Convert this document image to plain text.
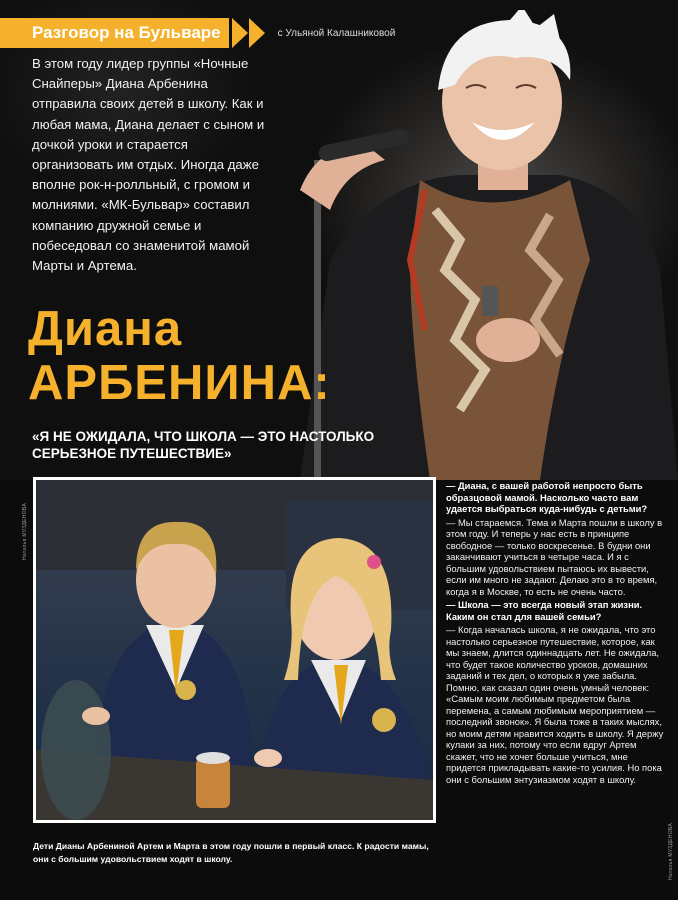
Разговор на Бульваре	с Ульяной Калашниковой

В этом году лидер группы «Ночные Снайперы» Диана Арбенина отправила своих детей в школу. Как и любая мама, Диана делает с сыном и дочкой уроки и старается организовать им отдых. Иногда даже вполне рок-н-ролльный, с громом и молниями. «МК-Бульвар» составил компанию дружной семье и побеседовал со знаменитой мамой Марты и Артема.

Диана
АРБЕНИНА:

«Я НЕ ОЖИДАЛА, ЧТО ШКОЛА — ЭТО НАСТОЛЬКО СЕРЬЕЗНОЕ ПУТЕШЕСТВИЕ»

Наталья МУЗДЕНОВА
Наталья МУЗДЕНОВА

Дети Дианы Арбениной Артем и Марта в этом году пошли в первый класс. К радости мамы, они с большим удовольствием ходят в школу.

— Диана, с вашей работой непросто быть образцовой мамой. Насколько часто вам удается выбраться куда-нибудь с детьми?

— Мы стараемся. Тема и Марта пошли в школу в этом году. И теперь у нас есть в принципе свободное — только воскресенье. В будни они заканчивают учиться в четыре часа. И я с большим удовольствием пытаюсь их вывести, если им много не задают. Делаю это в то время, когда я в Москве, то есть не очень часто.

— Школа — это всегда новый этап жизни. Каким он стал для вашей семьи?

— Когда началась школа, я не ожидала, что это настолько серьезное путешествие, которое, как мы знаем, длится одиннадцать лет. Не ожидала, что будет такое количество уроков, домашних заданий и тех дел, о которых я уже забыла. Помню, как сказал один очень умный человек: «Самым моим любимым предметом была перемена, а самым любимым мероприятием — последний звонок». Я была тоже в таких мыслях, но моим детям нравится ходить в школу. Я держу кулаки за них, потому что если вдруг Артем скажет, что не хочет больше учиться, мне придется прикладывать какие-то усилия. Но пока они с большим энтузиазмом ходят в школу.
